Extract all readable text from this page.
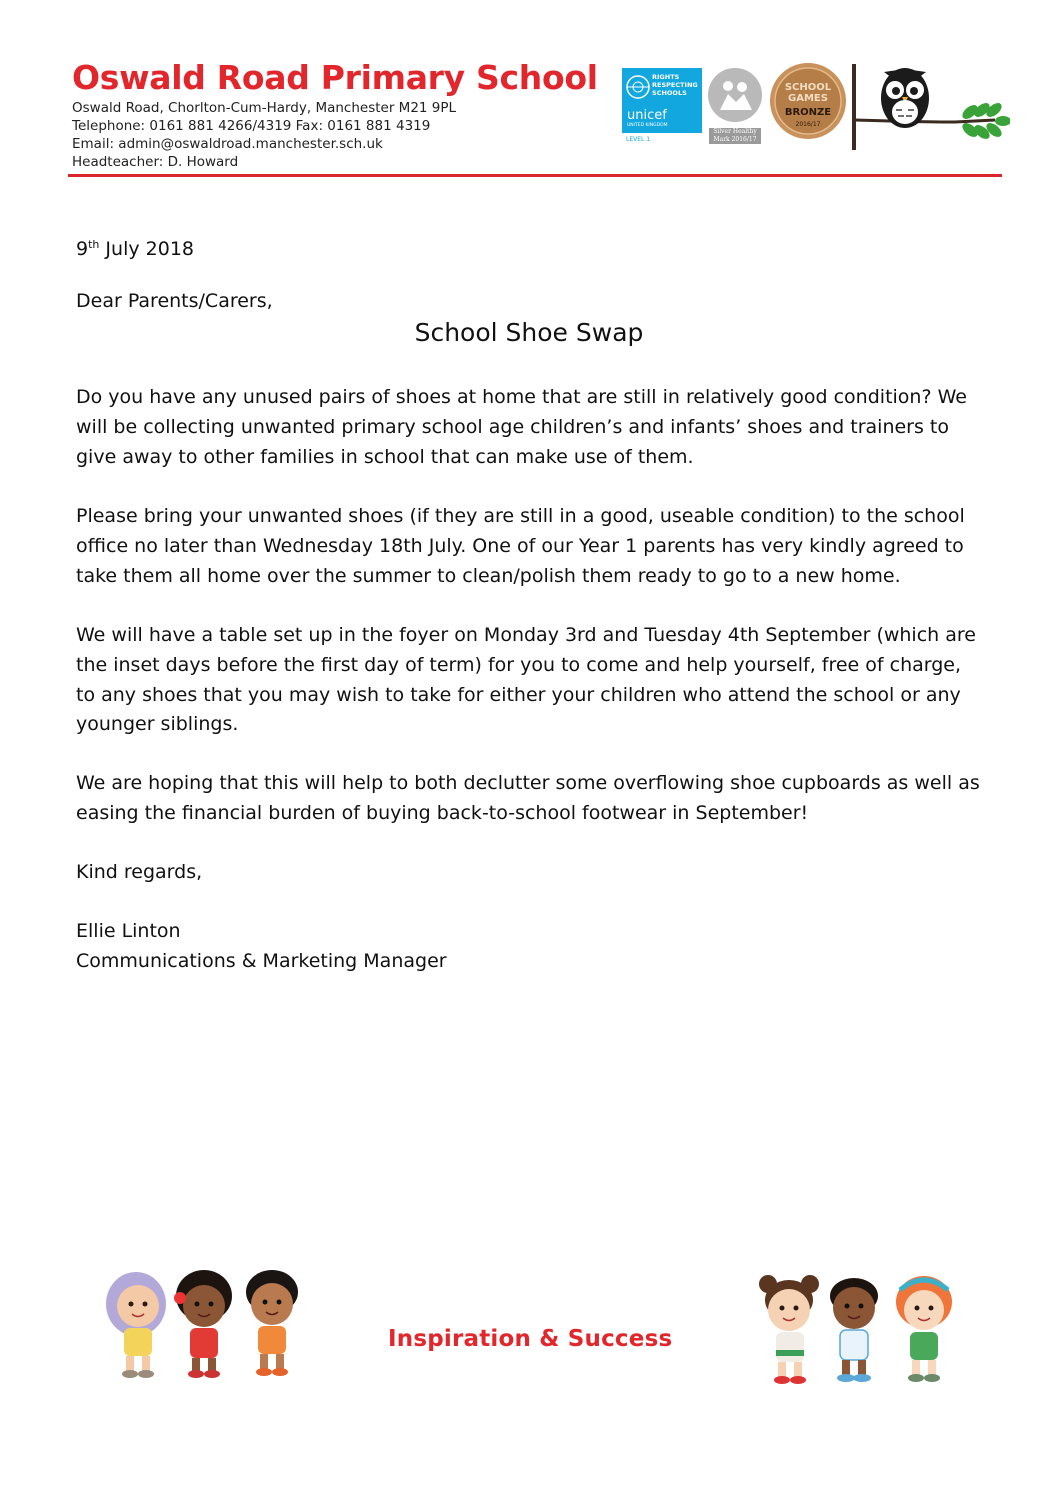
Oswald Road Primary School
Oswald Road, Chorlton-Cum-Hardy, Manchester M21 9PL
Telephone: 0161 881 4266/4319 Fax: 0161 881 4319
Email: admin@oswaldroad.manchester.sch.uk
Headteacher: D. Howard
RIGHTS RESPECTING SCHOOLS
unicef
UNITED KINGDOM
LEVEL 1
Silver Healthy Mark 2016/17
SCHOOL
GAMES
BRONZE
2016/17
9th July 2018
Dear Parents/Carers,
School Shoe Swap
Do you have any unused pairs of shoes at home that are still in relatively good condition? We will be collecting unwanted primary school age children’s and infants’ shoes and trainers to give away to other families in school that can make use of them.
Please bring your unwanted shoes (if they are still in a good, useable condition) to the school office no later than Wednesday 18th July. One of our Year 1 parents has very kindly agreed to take them all home over the summer to clean/polish them ready to go to a new home.
We will have a table set up in the foyer on Monday 3rd and Tuesday 4th September (which are the inset days before the first day of term) for you to come and help yourself, free of charge, to any shoes that you may wish to take for either your children who attend the school or any younger siblings.
We are hoping that this will help to both declutter some overflowing shoe cupboards as well as easing the financial burden of buying back-to-school footwear in September!
Kind regards,
Ellie Linton
Communications & Marketing Manager
Inspiration & Success
